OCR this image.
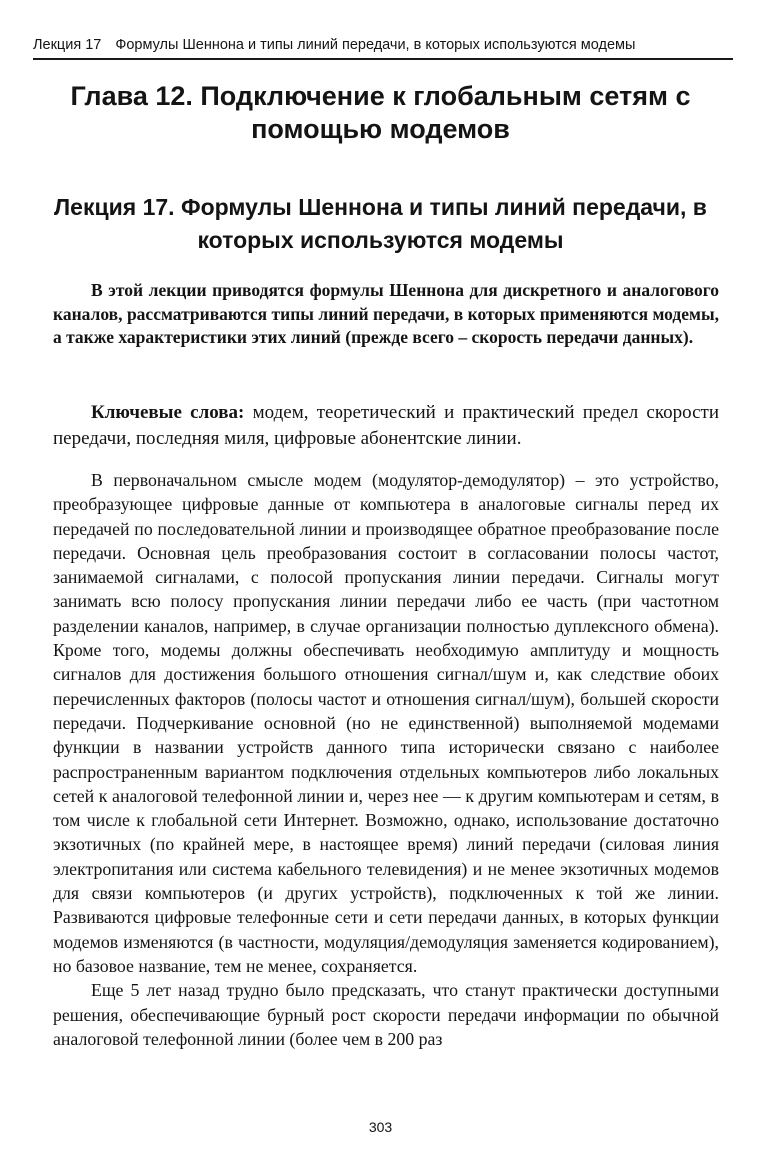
Лекция 17 Формулы Шеннона и типы линий передачи, в которых используются модемы
Глава 12. Подключение к глобальным сетям с помощью модемов
Лекция 17. Формулы Шеннона и типы линий передачи, в которых используются модемы

В этой лекции приводятся формулы Шеннона для дискретного и аналогового каналов, рассматриваются типы линий передачи, в которых применяются модемы, а также характеристики этих линий (прежде всего – скорость передачи данных).

Ключевые слова: модем, теоретический и практический предел скорости передачи, последняя миля, цифровые абонентские линии.

В первоначальном смысле модем (модулятор-демодулятор) – это устройство, преобразующее цифровые данные от компьютера в аналоговые сигналы перед их передачей по последовательной линии и производящее обратное преобразование после передачи. Основная цель преобразования состоит в согласовании полосы частот, занимаемой сигналами, с полосой пропускания линии передачи. Сигналы могут занимать всю полосу пропускания линии передачи либо ее часть (при частотном разделении каналов, например, в случае организации полностью дуплексного обмена). Кроме того, модемы должны обеспечивать необходимую амплитуду и мощность сигналов для достижения большого отношения сигнал/шум и, как следствие обоих перечисленных факторов (полосы частот и отношения сигнал/шум), большей скорости передачи. Подчеркивание основной (но не единственной) выполняемой модемами функции в названии устройств данного типа исторически связано с наиболее распространенным вариантом подключения отдельных компьютеров либо локальных сетей к аналоговой телефонной линии и, через нее — к другим компьютерам и сетям, в том числе к глобальной сети Интернет. Возможно, однако, использование достаточно экзотичных (по крайней мере, в настоящее время) линий передачи (силовая линия электропитания или система кабельного телевидения) и не менее экзотичных модемов для связи компьютеров (и других устройств), подключенных к той же линии. Развиваются цифровые телефонные сети и сети передачи данных, в которых функции модемов изменяются (в частности, модуляция/демодуляция заменяется кодированием), но базовое название, тем не менее, сохраняется.

Еще 5 лет назад трудно было предсказать, что станут практически доступными решения, обеспечивающие бурный рост скорости передачи информации по обычной аналоговой телефонной линии (более чем в 200 раз

303
